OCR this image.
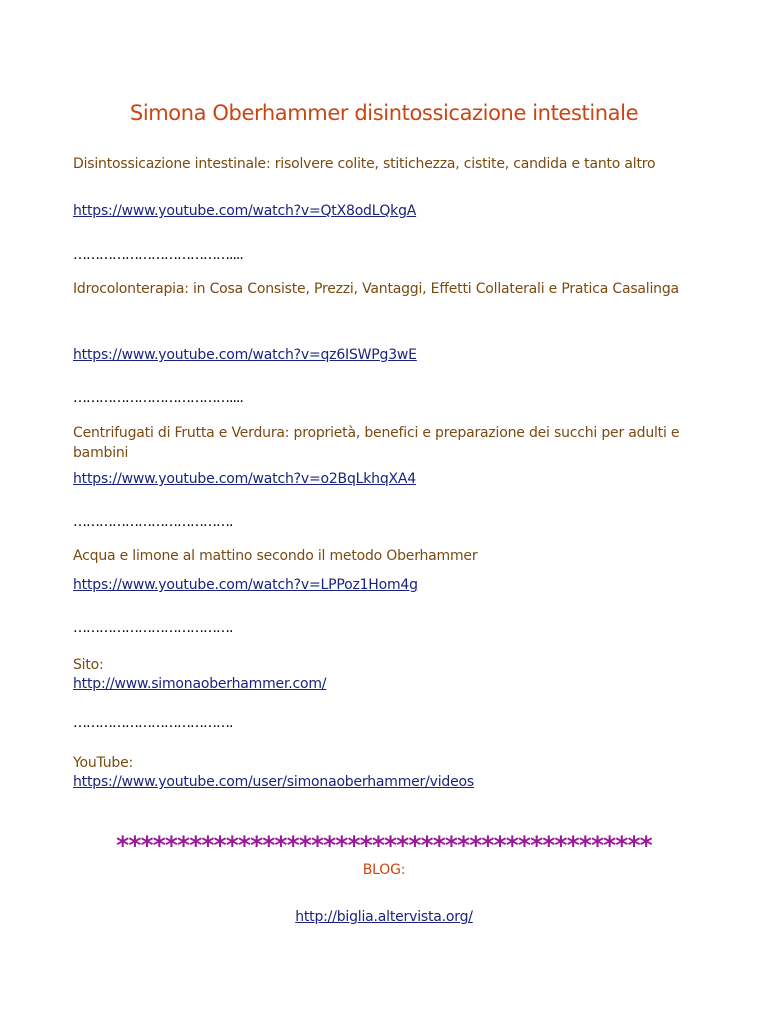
Simona Oberhammer disintossicazione intestinale
Disintossicazione intestinale: risolvere colite, stitichezza, cistite, candida e tanto altro
https://www.youtube.com/watch?v=QtX8odLQkgA
………………………………....
Idrocolonterapia: in Cosa Consiste, Prezzi, Vantaggi, Effetti Collaterali e Pratica Casalinga
https://www.youtube.com/watch?v=qz6ISWPg3wE
………………………………....
Centrifugati di Frutta e Verdura: proprietà, benefici e preparazione dei succhi per adulti e bambini
https://www.youtube.com/watch?v=o2BqLkhqXA4
……………………………….
Acqua e limone al mattino secondo il metodo Oberhammer
https://www.youtube.com/watch?v=LPPoz1Hom4g
……………………………….
Sito:
http://www.simonaoberhammer.com/
……………………………….
YouTube:
https://www.youtube.com/user/simonaoberhammer/videos
********************************************
BLOG:
http://biglia.altervista.org/
